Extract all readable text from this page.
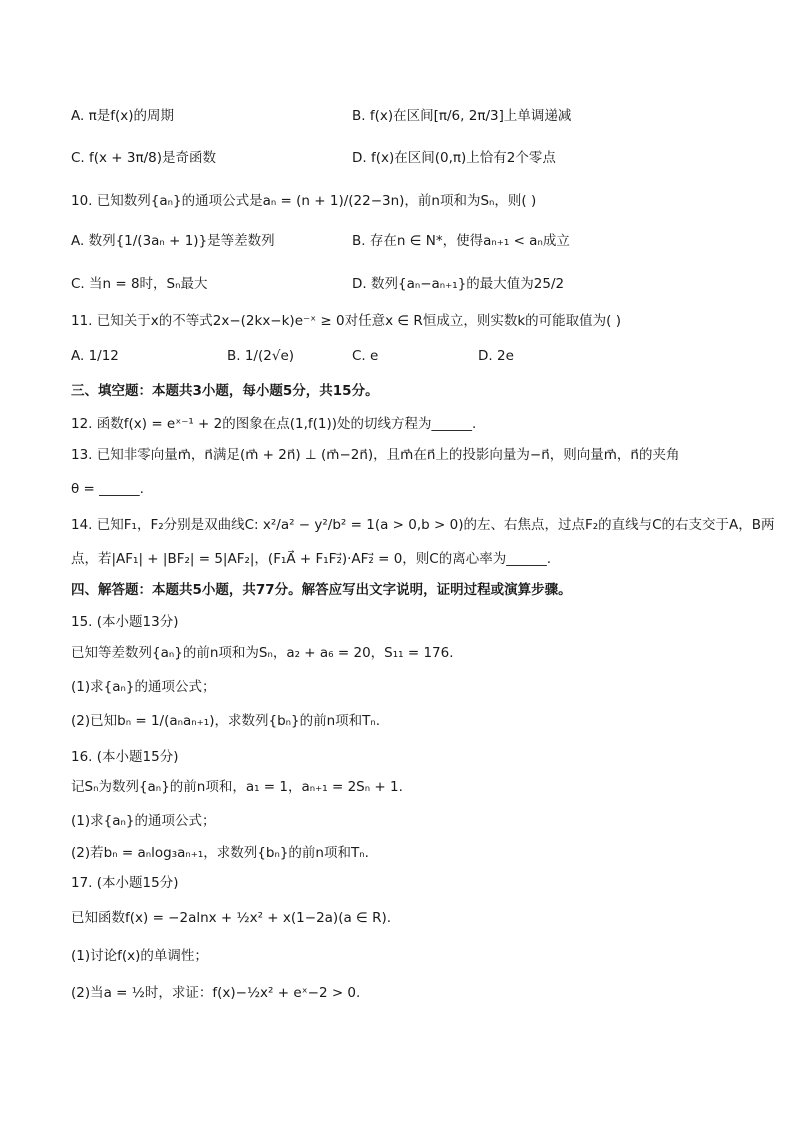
A. π是f(x)的周期	B. f(x)在区间[π/6, 2π/3]上单调递减
C. f(x + 3π/8)是奇函数	D. f(x)在区间(0,π)上恰有2个零点
10. 已知数列{aₙ}的通项公式是aₙ = (n + 1)/(22−3n)，前n项和为Sₙ，则( )
A. 数列{1/(3aₙ + 1)}是等差数列	B. 存在n ∈ N*，使得aₙ₊₁ < aₙ成立
C. 当n = 8时，Sₙ最大	D. 数列{aₙ−aₙ₊₁}的最大值为25/2
11. 已知关于x的不等式2x−(2kx−k)e⁻ˣ ≥ 0对任意x ∈ R恒成立，则实数k的可能取值为( )
A. 1/12	B. 1/(2√e)	C. e	D. 2e
三、填空题：本题共3小题，每小题5分，共15分。
12. 函数f(x) = eˣ⁻¹ + 2的图象在点(1,f(1))处的切线方程为______.
13. 已知非零向量m⃗，n⃗满足(m⃗ + 2n⃗) ⊥ (m⃗−2n⃗)，且m⃗在n⃗上的投影向量为−n⃗，则向量m⃗，n⃗的夹角
θ = ______.
14. 已知F₁，F₂分别是双曲线C: x²/a² − y²/b² = 1(a > 0,b > 0)的左、右焦点，过点F₂的直线与C的右支交于A，B两
点，若|AF₁| + |BF₂| = 5|AF₂|，(F₁A⃗ + F₁F₂⃗)·AF₂⃗ = 0，则C的离心率为______.
四、解答题：本题共5小题，共77分。解答应写出文字说明，证明过程或演算步骤。
15. (本小题13分)
已知等差数列{aₙ}的前n项和为Sₙ，a₂ + a₆ = 20，S₁₁ = 176.
(1)求{aₙ}的通项公式；
(2)已知bₙ = 1/(aₙaₙ₊₁)，求数列{bₙ}的前n项和Tₙ.
16. (本小题15分)
记Sₙ为数列{aₙ}的前n项和，a₁ = 1，aₙ₊₁ = 2Sₙ + 1.
(1)求{aₙ}的通项公式；
(2)若bₙ = aₙlog₃aₙ₊₁，求数列{bₙ}的前n项和Tₙ.
17. (本小题15分)
已知函数f(x) = −2alnx + ½x² + x(1−2a)(a ∈ R).
(1)讨论f(x)的单调性；
(2)当a = ½时，求证：f(x)−½x² + eˣ−2 > 0.
